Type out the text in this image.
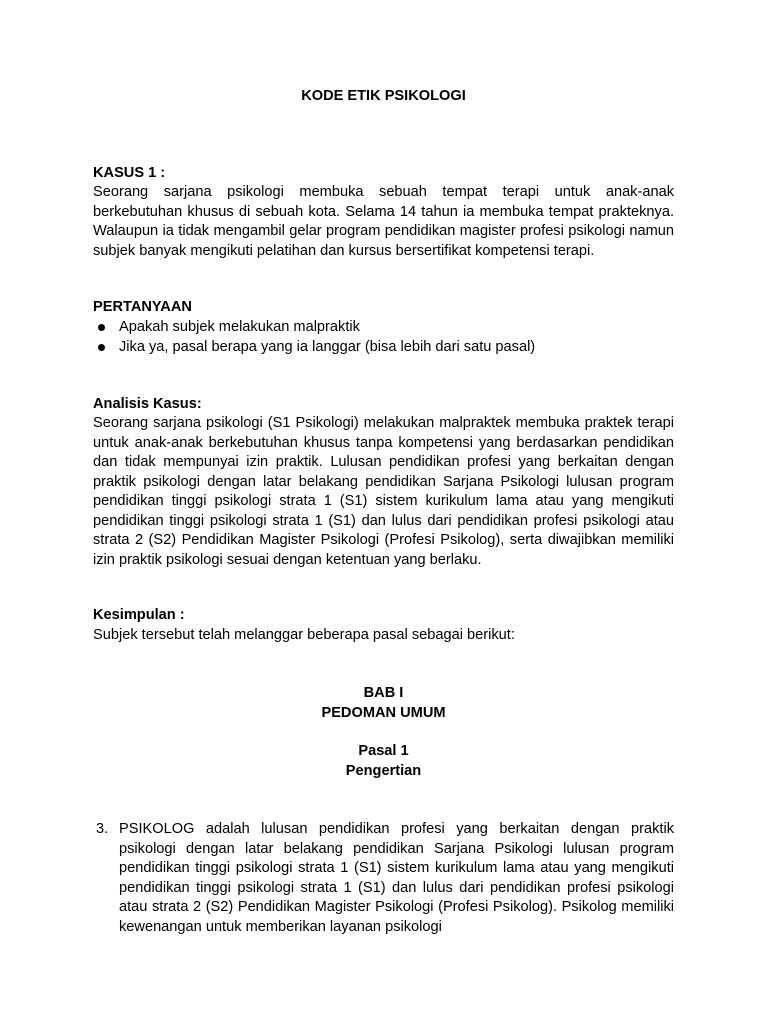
KODE ETIK PSIKOLOGI
KASUS 1 :
Seorang sarjana psikologi membuka sebuah tempat terapi untuk anak-anak berkebutuhan khusus di sebuah kota. Selama 14 tahun ia membuka tempat prakteknya. Walaupun ia tidak mengambil gelar program pendidikan magister profesi psikologi namun subjek banyak mengikuti pelatihan dan kursus bersertifikat kompetensi terapi.
PERTANYAAN
Apakah subjek melakukan malpraktik
Jika ya, pasal berapa yang ia langgar (bisa lebih dari satu pasal)
Analisis Kasus:
Seorang sarjana psikologi (S1 Psikologi) melakukan malpraktek membuka praktek terapi untuk anak-anak berkebutuhan khusus tanpa kompetensi yang berdasarkan pendidikan dan tidak mempunyai izin praktik. Lulusan pendidikan profesi yang berkaitan dengan praktik psikologi dengan latar belakang pendidikan Sarjana Psikologi lulusan program pendidikan tinggi psikologi strata 1 (S1) sistem kurikulum lama atau yang mengikuti pendidikan tinggi psikologi strata 1 (S1) dan lulus dari pendidikan profesi psikologi atau strata 2 (S2) Pendidikan Magister Psikologi (Profesi Psikolog), serta diwajibkan memiliki izin praktik psikologi sesuai dengan ketentuan yang berlaku.
Kesimpulan :
Subjek tersebut telah melanggar beberapa pasal sebagai berikut:
BAB I
PEDOMAN UMUM
Pasal 1
Pengertian
3. PSIKOLOG adalah lulusan pendidikan profesi yang berkaitan dengan praktik psikologi dengan latar belakang pendidikan Sarjana Psikologi lulusan program pendidikan tinggi psikologi strata 1 (S1) sistem kurikulum lama atau yang mengikuti pendidikan tinggi psikologi strata 1 (S1) dan lulus dari pendidikan profesi psikologi atau strata 2 (S2) Pendidikan Magister Psikologi (Profesi Psikolog). Psikolog memiliki kewenangan untuk memberikan layanan psikologi
